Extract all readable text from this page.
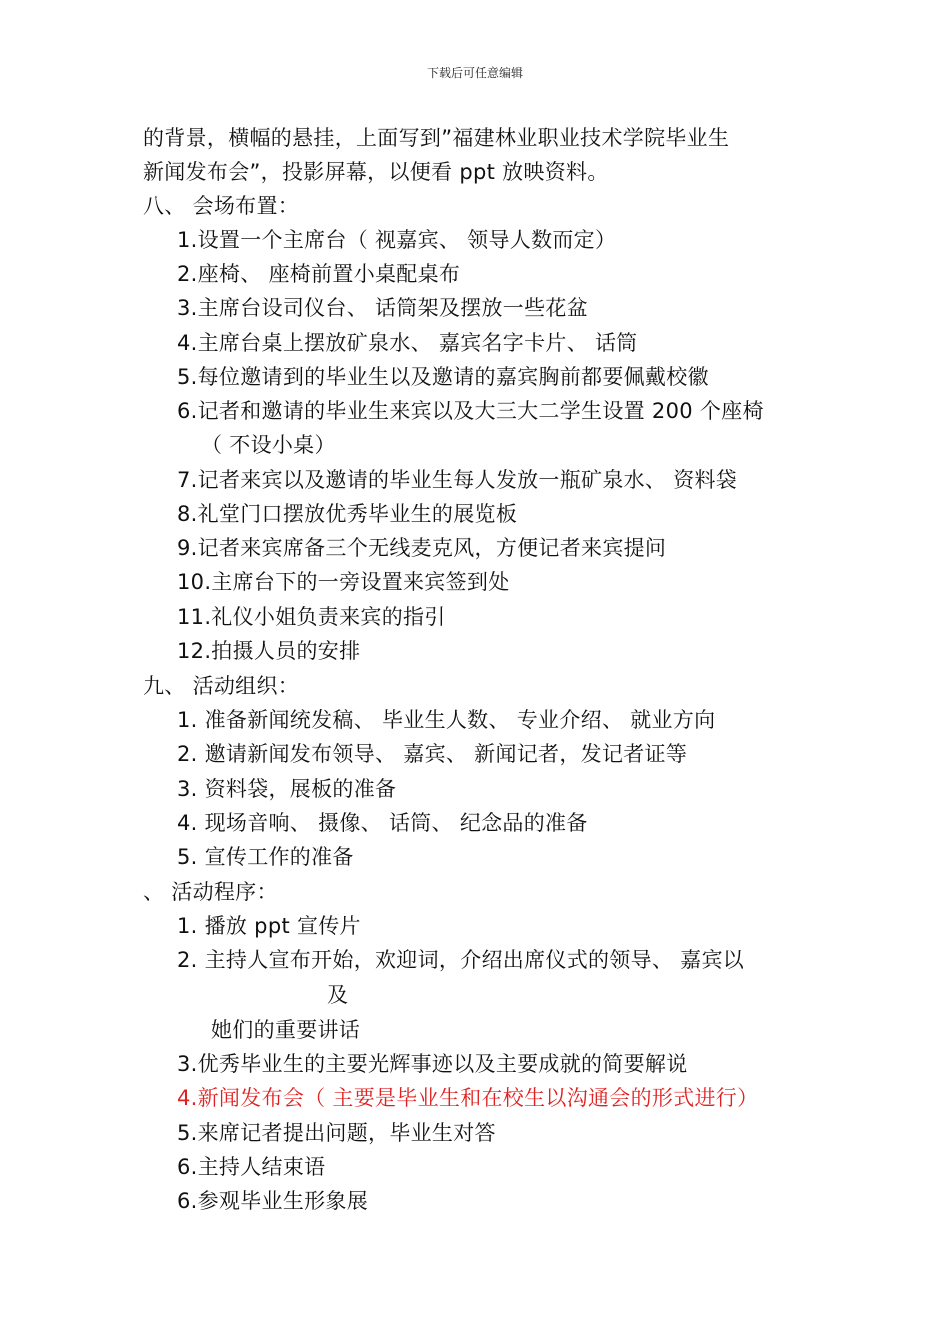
下载后可任意编辑
的背景，横幅的悬挂，上面写到”福建林业职业技术学院毕业生
新闻发布会”，投影屏幕，以便看 ppt 放映资料。
八、 会场布置：
1.设置一个主席台（ 视嘉宾、 领导人数而定）
2.座椅、 座椅前置小桌配桌布
3.主席台设司仪台、 话筒架及摆放一些花盆
4.主席台桌上摆放矿泉水、 嘉宾名字卡片、 话筒
5.每位邀请到的毕业生以及邀请的嘉宾胸前都要佩戴校徽
6.记者和邀请的毕业生来宾以及大三大二学生设置 200 个座椅
（ 不设小桌）
7.记者来宾以及邀请的毕业生每人发放一瓶矿泉水、 资料袋
8.礼堂门口摆放优秀毕业生的展览板
9.记者来宾席备三个无线麦克风，方便记者来宾提问
10.主席台下的一旁设置来宾签到处
11.礼仪小姐负责来宾的指引
12.拍摄人员的安排
九、 活动组织：
1. 准备新闻统发稿、 毕业生人数、 专业介绍、 就业方向
2. 邀请新闻发布领导、 嘉宾、 新闻记者，发记者证等
3. 资料袋，展板的准备
4. 现场音响、 摄像、 话筒、 纪念品的准备
5. 宣传工作的准备
、 活动程序：
1. 播放 ppt 宣传片
2. 主持人宣布开始，欢迎词，介绍出席仪式的领导、 嘉宾以
及
她们的重要讲话
3.优秀毕业生的主要光辉事迹以及主要成就的简要解说
4.新闻发布会（ 主要是毕业生和在校生以沟通会的形式进行）
5.来席记者提出问题，毕业生对答
6.主持人结束语
6.参观毕业生形象展
